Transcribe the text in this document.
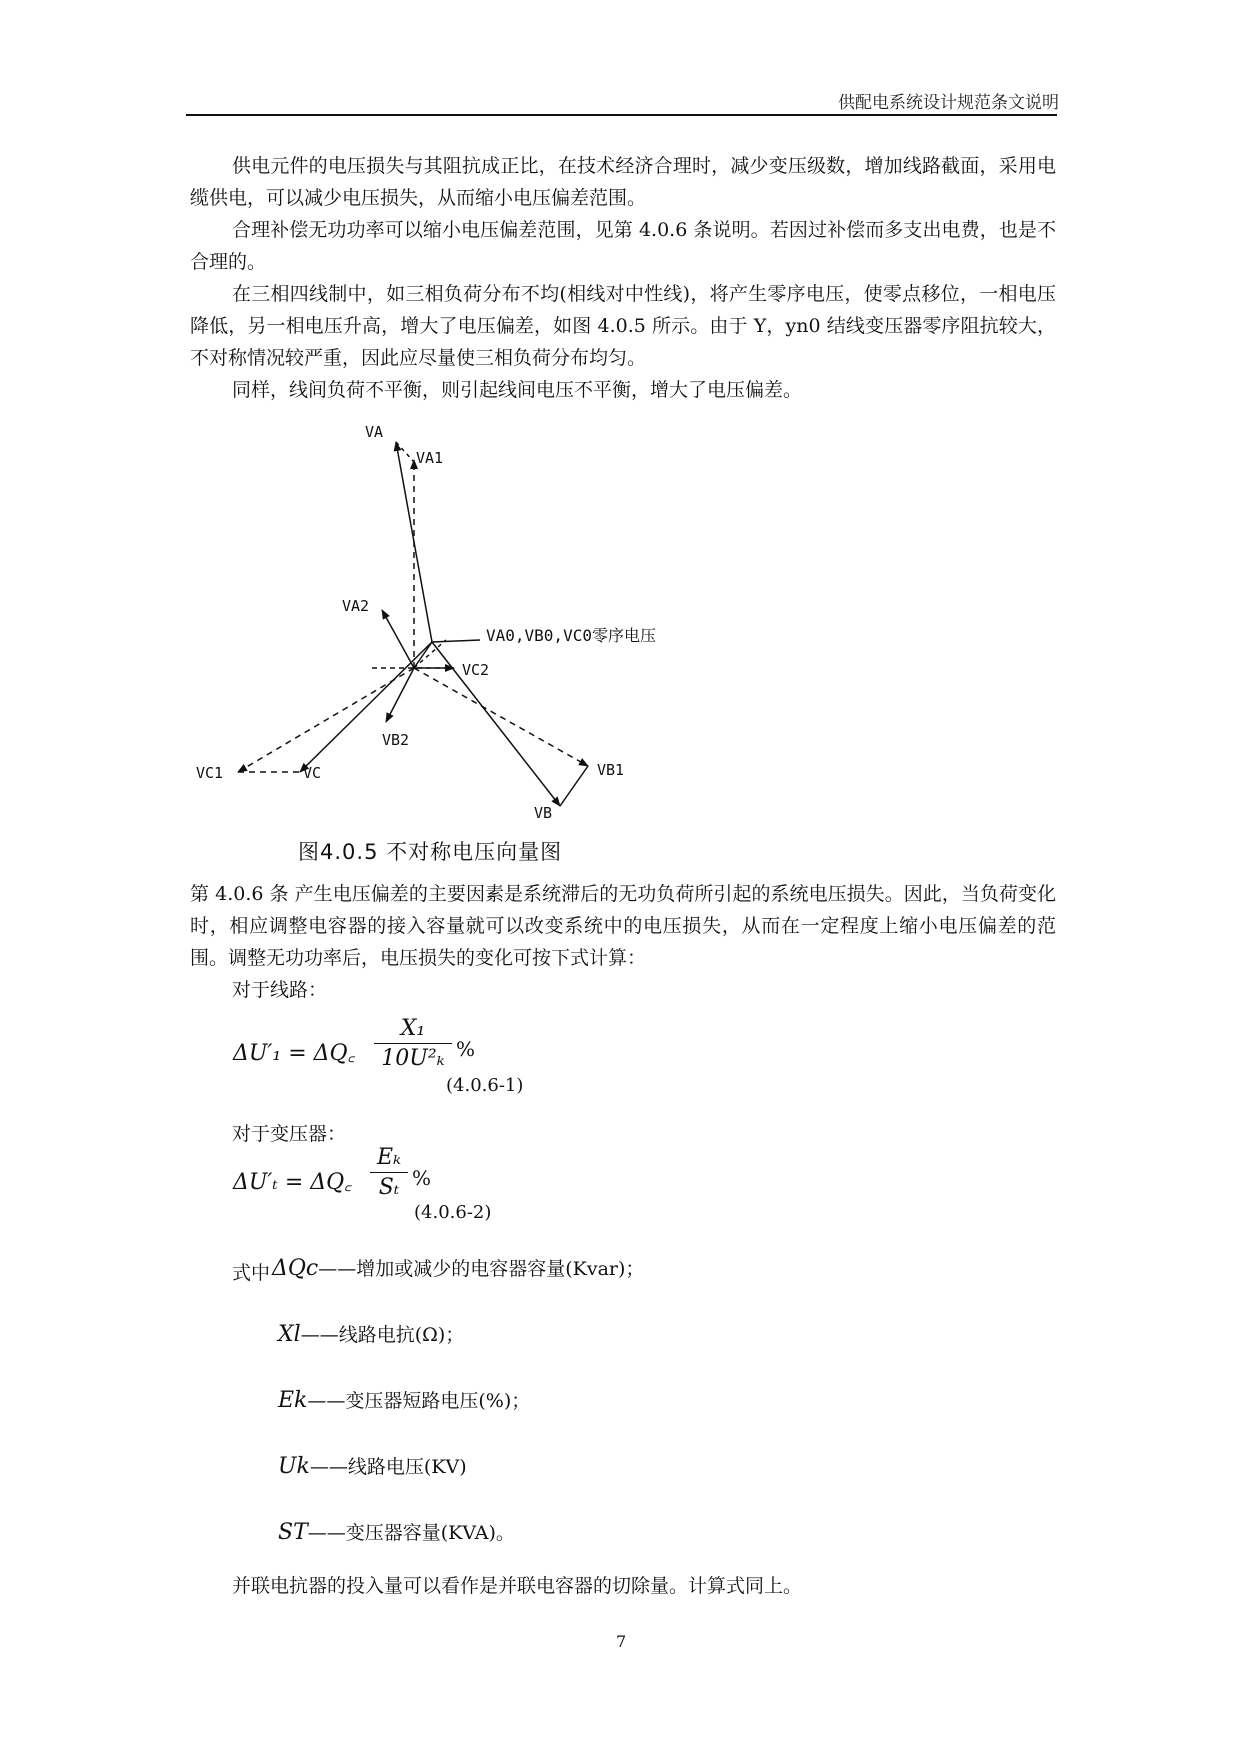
供配电系统设计规范条文说明

供电元件的电压损失与其阻抗成正比，在技术经济合理时，减少变压级数，增加线路截面，采用电缆供电，可以减少电压损失，从而缩小电压偏差范围。

合理补偿无功功率可以缩小电压偏差范围，见第 4.0.6 条说明。若因过补偿而多支出电费，也是不合理的。

在三相四线制中，如三相负荷分布不均(相线对中性线)，将产生零序电压，使零点移位，一相电压降低，另一相电压升高，增大了电压偏差，如图 4.0.5 所示。由于 Y，yn0 结线变压器零序阻抗较大，不对称情况较严重，因此应尽量使三相负荷分布均匀。

同样，线间负荷不平衡，则引起线间电压不平衡，增大了电压偏差。

VA
VA1
VA2
VA0,VB0,VC0零序电压
VC2
VB2
VC1	VC	VB1
VB
图4.0.5 不对称电压向量图

第 4.0.6 条 产生电压偏差的主要因素是系统滞后的无功负荷所引起的系统电压损失。因此，当负荷变化时，相应调整电容器的接入容量就可以改变系统中的电压损失，从而在一定程度上缩小电压偏差的范围。调整无功功率后，电压损失的变化可按下式计算：

对于线路：

ΔU′₁ = ΔQ꜀ $\frac{\text{X₁}}{\text{10U²ₖ}}$ %
(4.0.6-1)

对于变压器：

ΔU′ₜ = ΔQ꜀ $\frac{\text{Eₖ}}{\text{Sₜ}}$ %
(4.0.6-2)
式中 ΔQc——增加或减少的电容器容量(Kvar)；
Xl——线路电抗(Ω)；
Ek——变压器短路电压(%)；
Uk——线路电压(KV)
ST——变压器容量(KVA)。

并联电抗器的投入量可以看作是并联电容器的切除量。计算式同上。

7
